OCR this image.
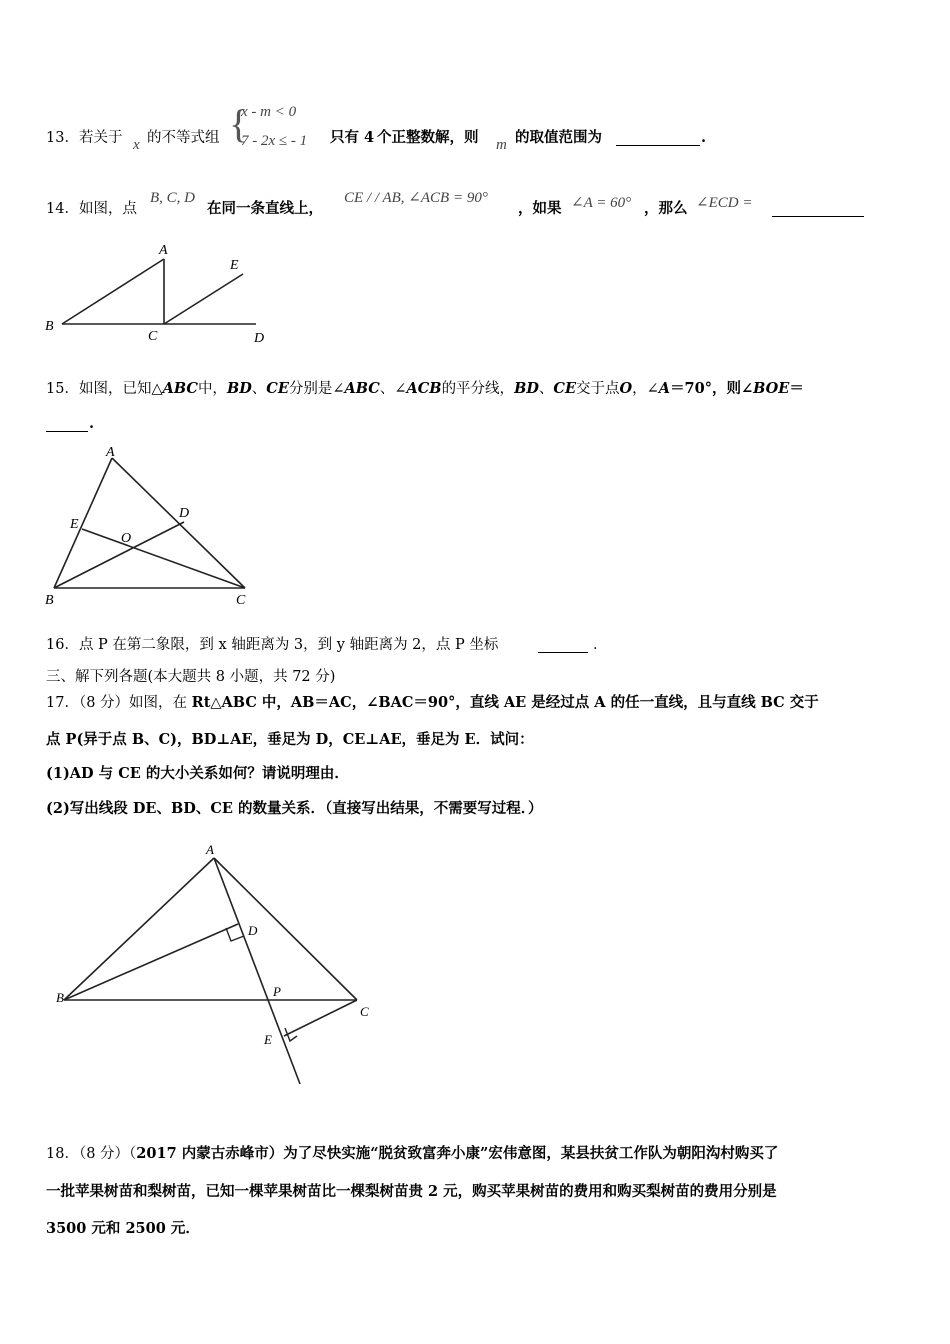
13．若关于 x 的不等式组 {
x - m < 0
7 - 2x ≤ - 1 只有 4 个正整数解，则 m 的取值范围为	.
14．如图，点
B, C, D
在同一条直线上，
CE / / AB, ∠ACB = 90°
，如果 ∠A = 60° ，那么 ∠ECD =
A
B
C	D
E
15．如图，已知△ABC中，BD、CE分别是∠ABC、∠ACB的平分线，BD、CE交于点O，∠A＝70°，则∠BOE＝
.
A
B	C
D
E
O
16．点 P 在第二象限，到 x 轴距离为 3，到 y 轴距离为 2，点 P 坐标	．
三、解下列各题(本大题共 8 小题，共 72 分)
17．（8 分）如图，在 Rt△ABC 中，AB＝AC，∠BAC＝90°，直线 AE 是经过点 A 的任一直线，且与直线 BC 交于
点 P(异于点 B、C)，BD⊥AE，垂足为 D，CE⊥AE，垂足为 E．试问：
(1)AD 与 CE 的大小关系如何？请说明理由．
(2)写出线段 DE、BD、CE 的数量关系．（直接写出结果，不需要写过程．）
A
B
C
D
E
P
18．（8 分）（2017 内蒙古赤峰市）为了尽快实施“脱贫致富奔小康”宏伟意图，某县扶贫工作队为朝阳沟村购买了
一批苹果树苗和梨树苗，已知一棵苹果树苗比一棵梨树苗贵 2 元，购买苹果树苗的费用和购买梨树苗的费用分别是
3500 元和 2500 元．
